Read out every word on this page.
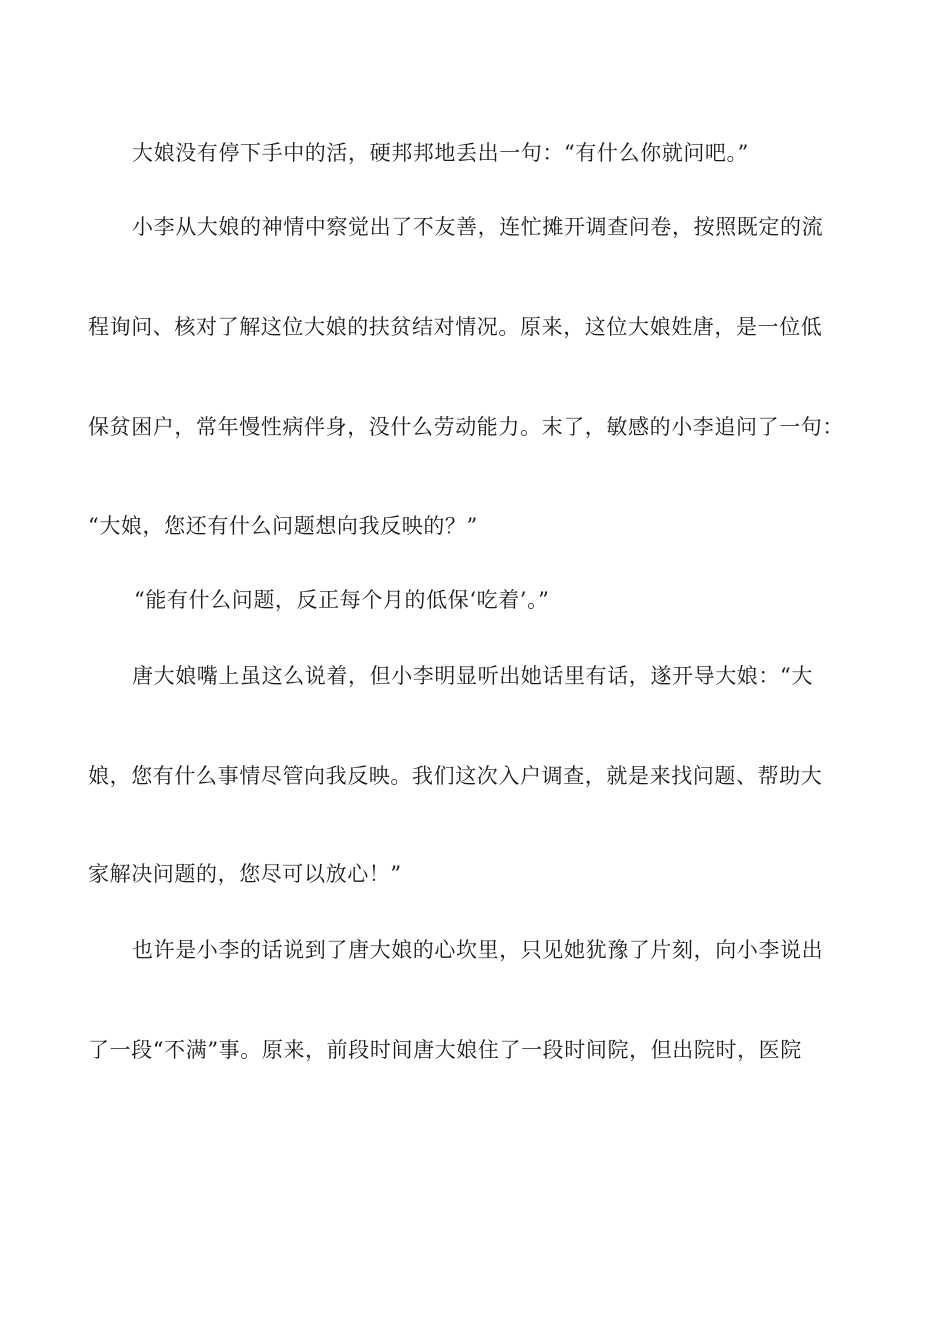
大娘没有停下手中的活，硬邦邦地丢出一句：“有什么你就问吧。”
小李从大娘的神情中察觉出了不友善，连忙摊开调查问卷，按照既定的流
程询问、核对了解这位大娘的扶贫结对情况。原来，这位大娘姓唐，是一位低
保贫困户，常年慢性病伴身，没什么劳动能力。末了，敏感的小李追问了一句：
“大娘，您还有什么问题想向我反映的？”
“能有什么问题，反正每个月的低保‘吃着’。”
唐大娘嘴上虽这么说着，但小李明显听出她话里有话，遂开导大娘：“大
娘，您有什么事情尽管向我反映。我们这次入户调查，就是来找问题、帮助大
家解决问题的，您尽可以放心！”
也许是小李的话说到了唐大娘的心坎里，只见她犹豫了片刻，向小李说出
了一段“不满”事。原来，前段时间唐大娘住了一段时间院，但出院时，医院
